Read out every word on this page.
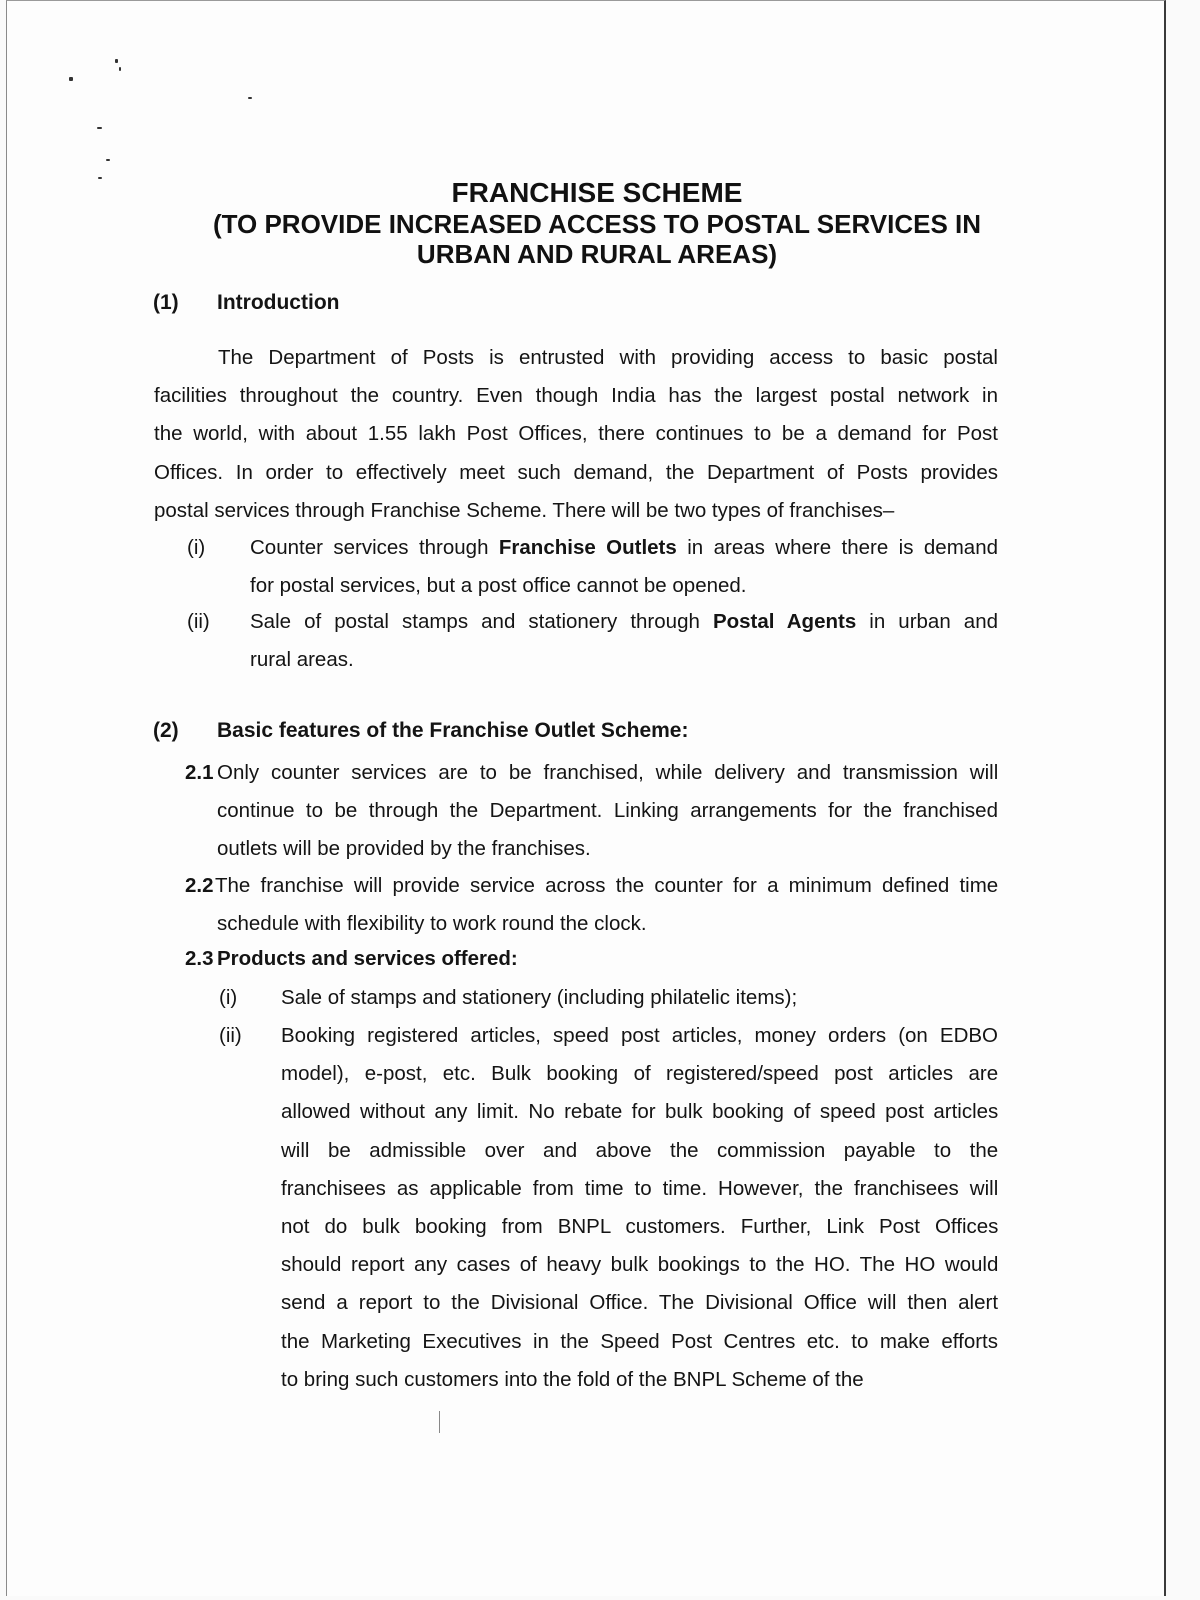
FRANCHISE SCHEME
(TO PROVIDE INCREASED ACCESS TO POSTAL SERVICES IN
URBAN AND RURAL AREAS)
(1) Introduction
The Department of Posts is entrusted with providing access to basic postal
facilities throughout the country. Even though India has the largest postal network in
the world, with about 1.55 lakh Post Offices, there continues to be a demand for Post
Offices. In order to effectively meet such demand, the Department of Posts provides
postal services through Franchise Scheme. There will be two types of franchises–
(i) Counter services through Franchise Outlets in areas where there is demand
for postal services, but a post office cannot be opened.
(ii) Sale of postal stamps and stationery through Postal Agents in urban and
rural areas.
(2) Basic features of the Franchise Outlet Scheme:
2.1 Only counter services are to be franchised, while delivery and transmission will
continue to be through the Department. Linking arrangements for the franchised
outlets will be provided by the franchises.
2.2 The franchise will provide service across the counter for a minimum defined time
schedule with flexibility to work round the clock.
2.3 Products and services offered:
(i) Sale of stamps and stationery (including philatelic items);
(ii) Booking registered articles, speed post articles, money orders (on EDBO
model), e-post, etc. Bulk booking of registered/speed post articles are
allowed without any limit. No rebate for bulk booking of speed post articles
will be admissible over and above the commission payable to the
franchisees as applicable from time to time. However, the franchisees will
not do bulk booking from BNPL customers. Further, Link Post Offices
should report any cases of heavy bulk bookings to the HO. The HO would
send a report to the Divisional Office. The Divisional Office will then alert
the Marketing Executives in the Speed Post Centres etc. to make efforts
to bring such customers into the fold of the BNPL Scheme of the
